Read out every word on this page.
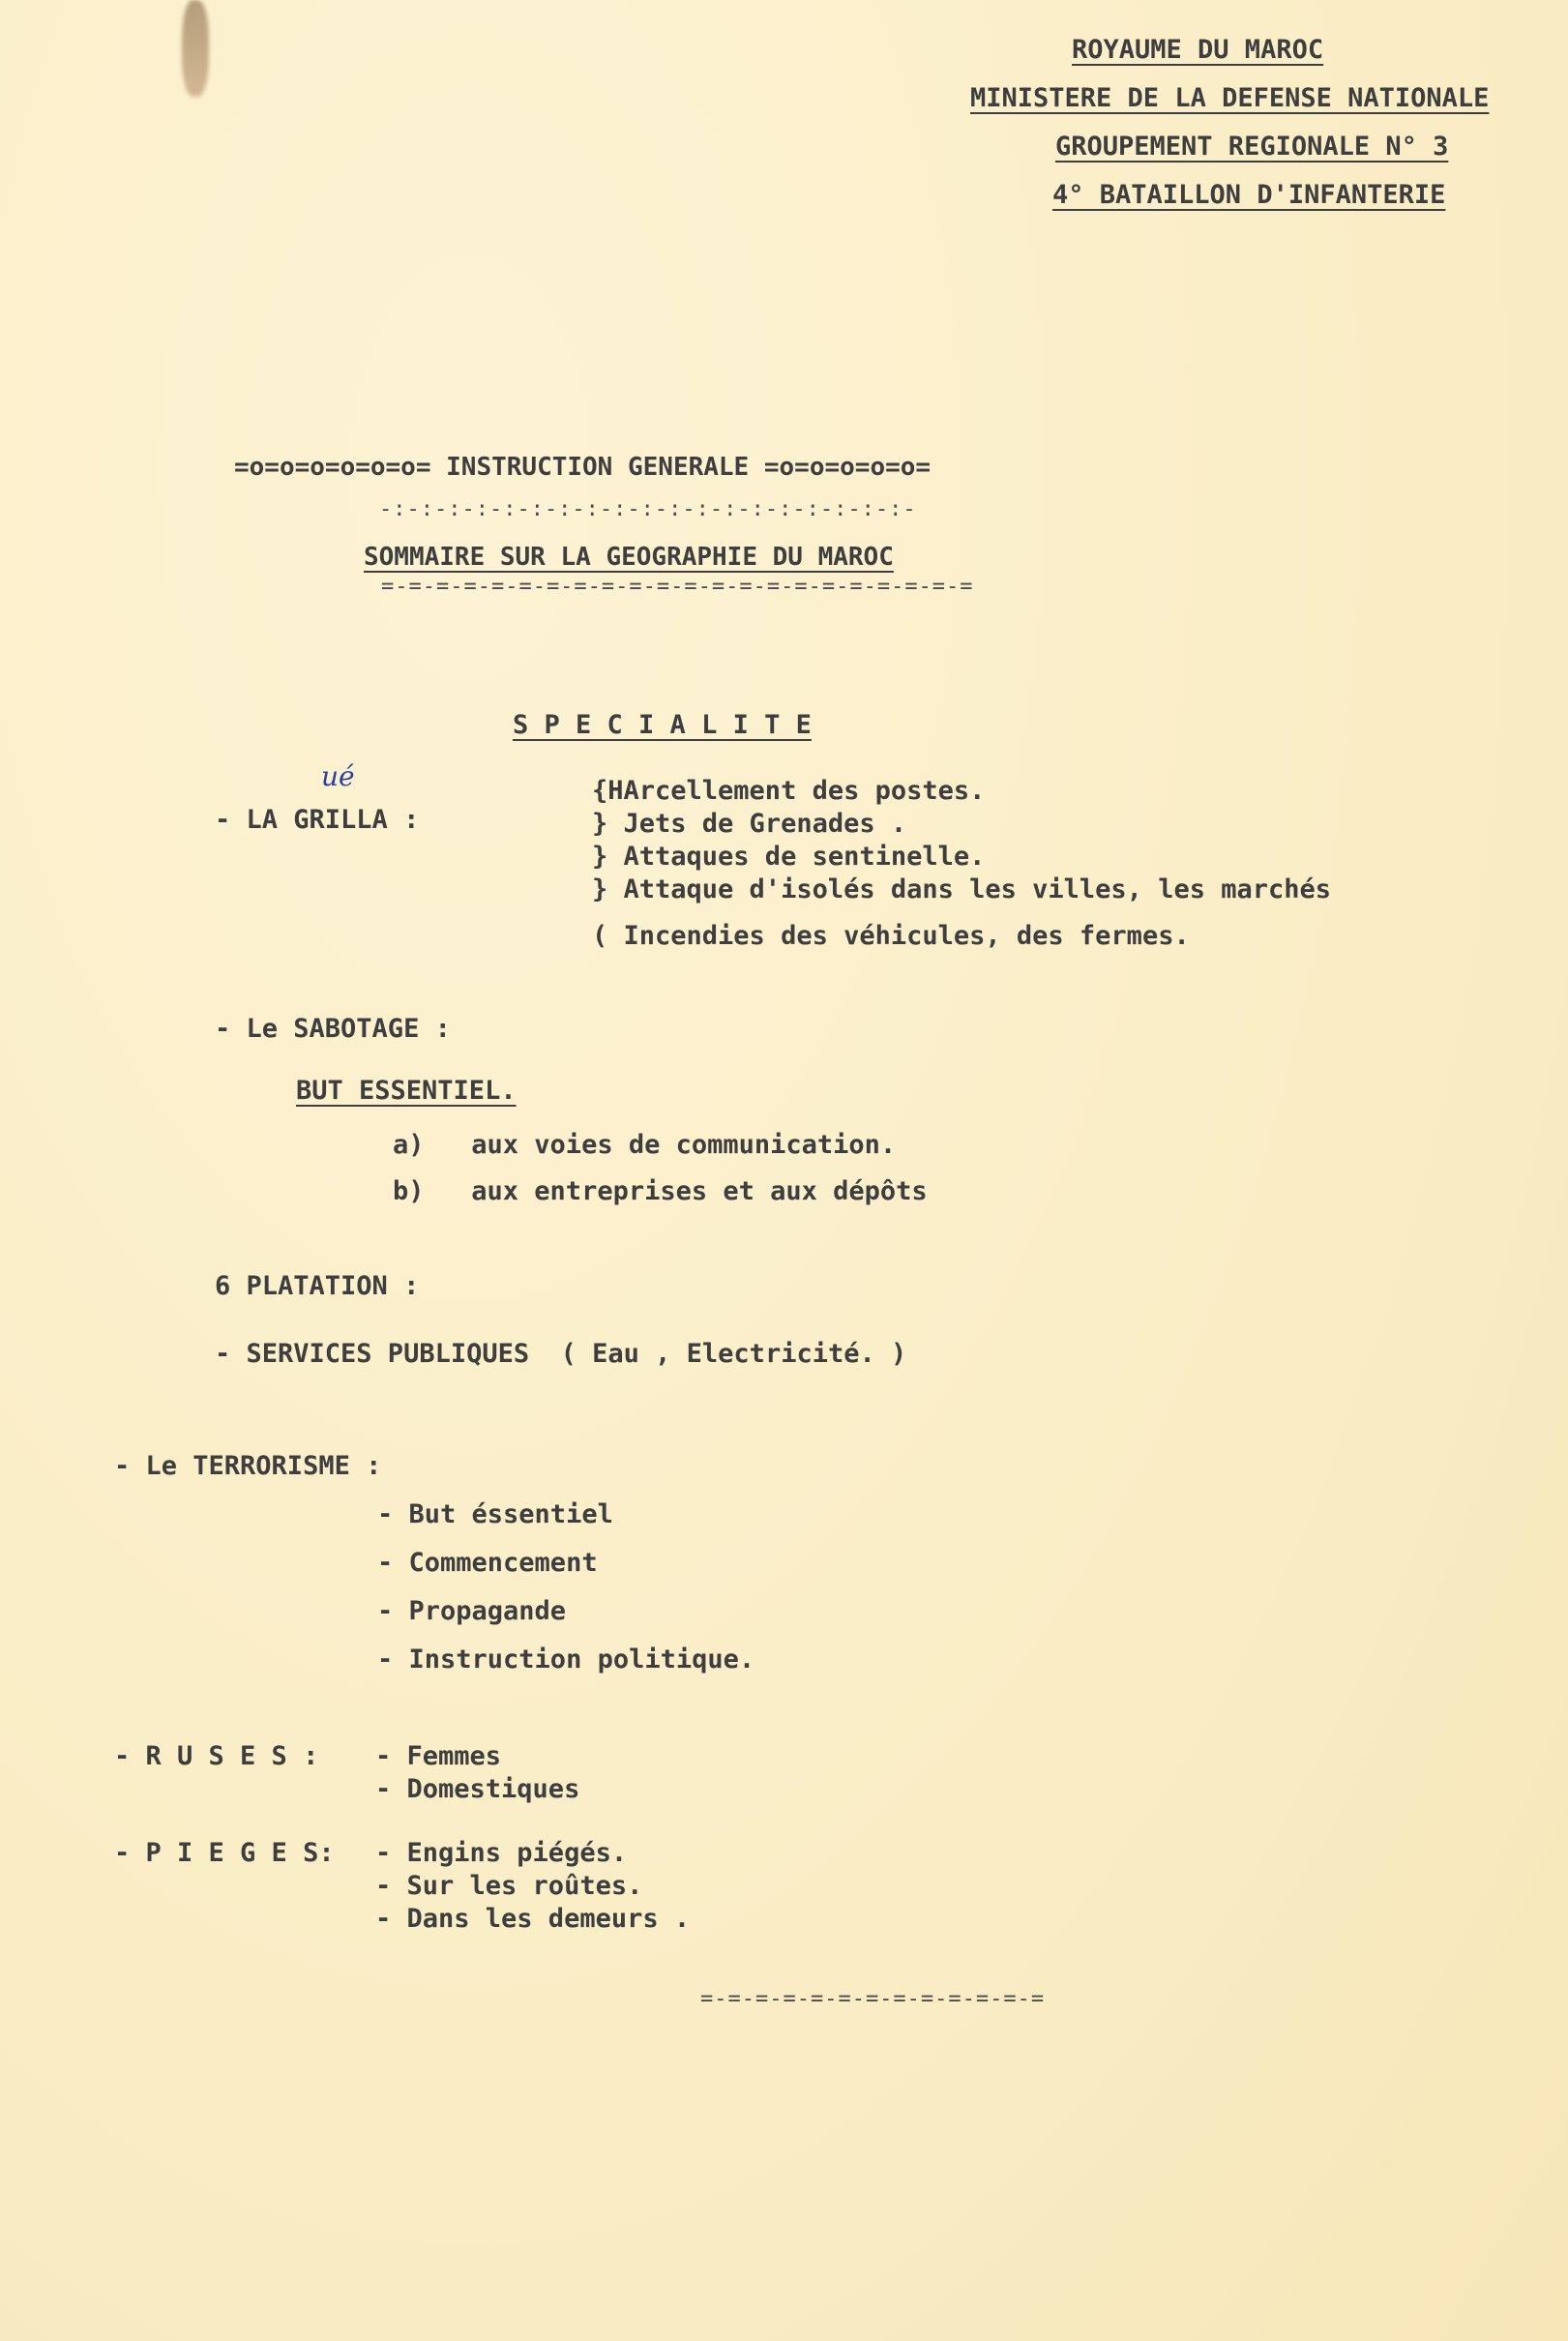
ROYAUME DU MAROC
MINISTERE DE LA DEFENSE NATIONALE
GROUPEMENT REGIONALE N° 3
4° BATAILLON D'INFANTERIE
=o=o=o=o=o=o= INSTRUCTION GENERALE =o=o=o=o=o=
-:-:-:-:-:-:-:-:-:-:-:-:-:-:-:-:-:-:-:-
SOMMAIRE SUR LA GEOGRAPHIE DU MAROC
=-=-=-=-=-=-=-=-=-=-=-=-=-=-=-=-=-=-=-=-=-=
S P E C I A L I T E
ué
- LA GRILLA :
{HArcellement des postes.
} Jets de Grenades .
} Attaques de sentinelle.
} Attaque d'isolés dans les villes, les marchés
( Incendies des véhicules, des fermes.
- Le SABOTAGE :
BUT ESSENTIEL.
a)   aux voies de communication.
b)   aux entreprises et aux dépôts
6 PLATATION :
- SERVICES PUBLIQUES  ( Eau , Electricité. )
- Le TERRORISME :
- But éssentiel
- Commencement
- Propagande
- Instruction politique.
- R U S E S : - Femmes
- Domestiques
- P I E G E S: - Engins piégés.
- Sur les roûtes.
- Dans les demeurs .
=-=-=-=-=-=-=-=-=-=-=-=-=
